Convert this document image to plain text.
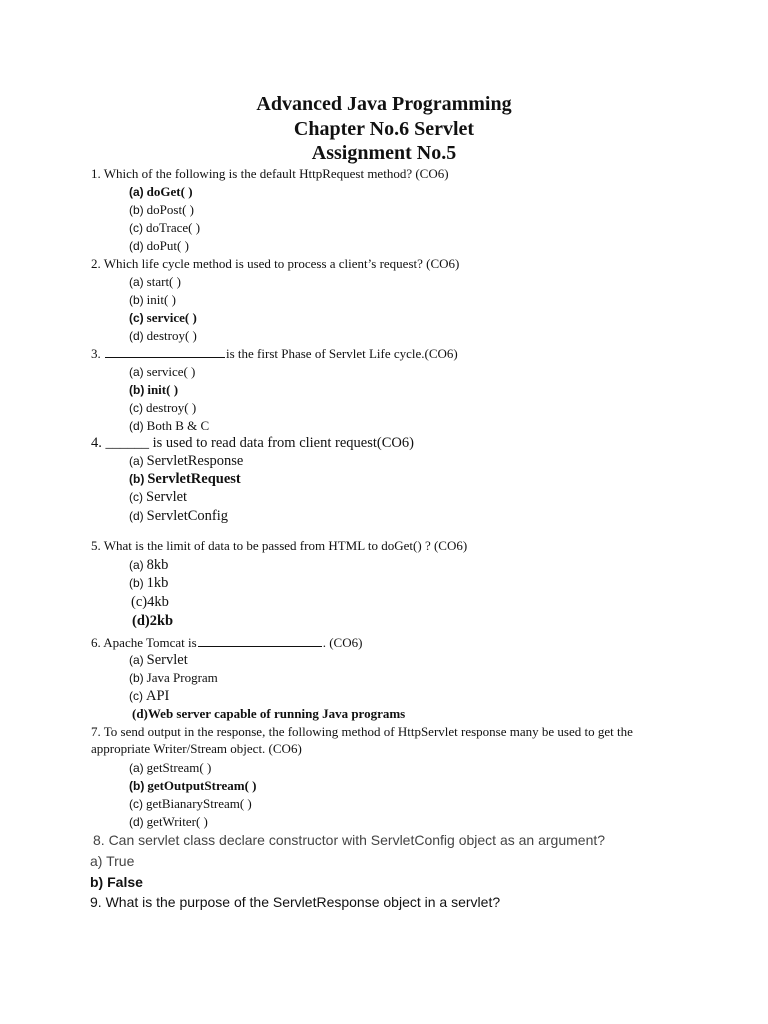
Advanced Java Programming
Chapter No.6 Servlet
Assignment No.5
1. Which of the following is the default HttpRequest method? (CO6)
(a) doGet( )
(b) doPost( )
(c) doTrace( )
(d) doPut( )
2. Which life cycle method is used to process a client’s request? (CO6)
(a) start( )
(b) init( )
(c) service( )
(d) destroy( )
3.	is the first Phase of Servlet Life cycle.(CO6)
(a) service( )
(b) init( )
(c) destroy( )
(d) Both B & C
4. ______ is used to read data from client request(CO6)
(a) ServletResponse
(b) ServletRequest
(c) Servlet
(d) ServletConfig
5. What is the limit of data to be passed from HTML to doGet() ? (CO6)
(a) 8kb
(b) 1kb
(c)4kb
(d)2kb
6. Apache Tomcat is	. (CO6)
(a) Servlet
(b) Java Program
(c) API
(d)Web server capable of running Java programs
7. To send output in the response, the following method of HttpServlet response many be used to get the
appropriate Writer/Stream object. (CO6)
(a) getStream( )
(b) getOutputStream( )
(c) getBianaryStream( )
(d) getWriter( )
8. Can servlet class declare constructor with ServletConfig object as an argument?
a) True
b) False
9. What is the purpose of the ServletResponse object in a servlet?
